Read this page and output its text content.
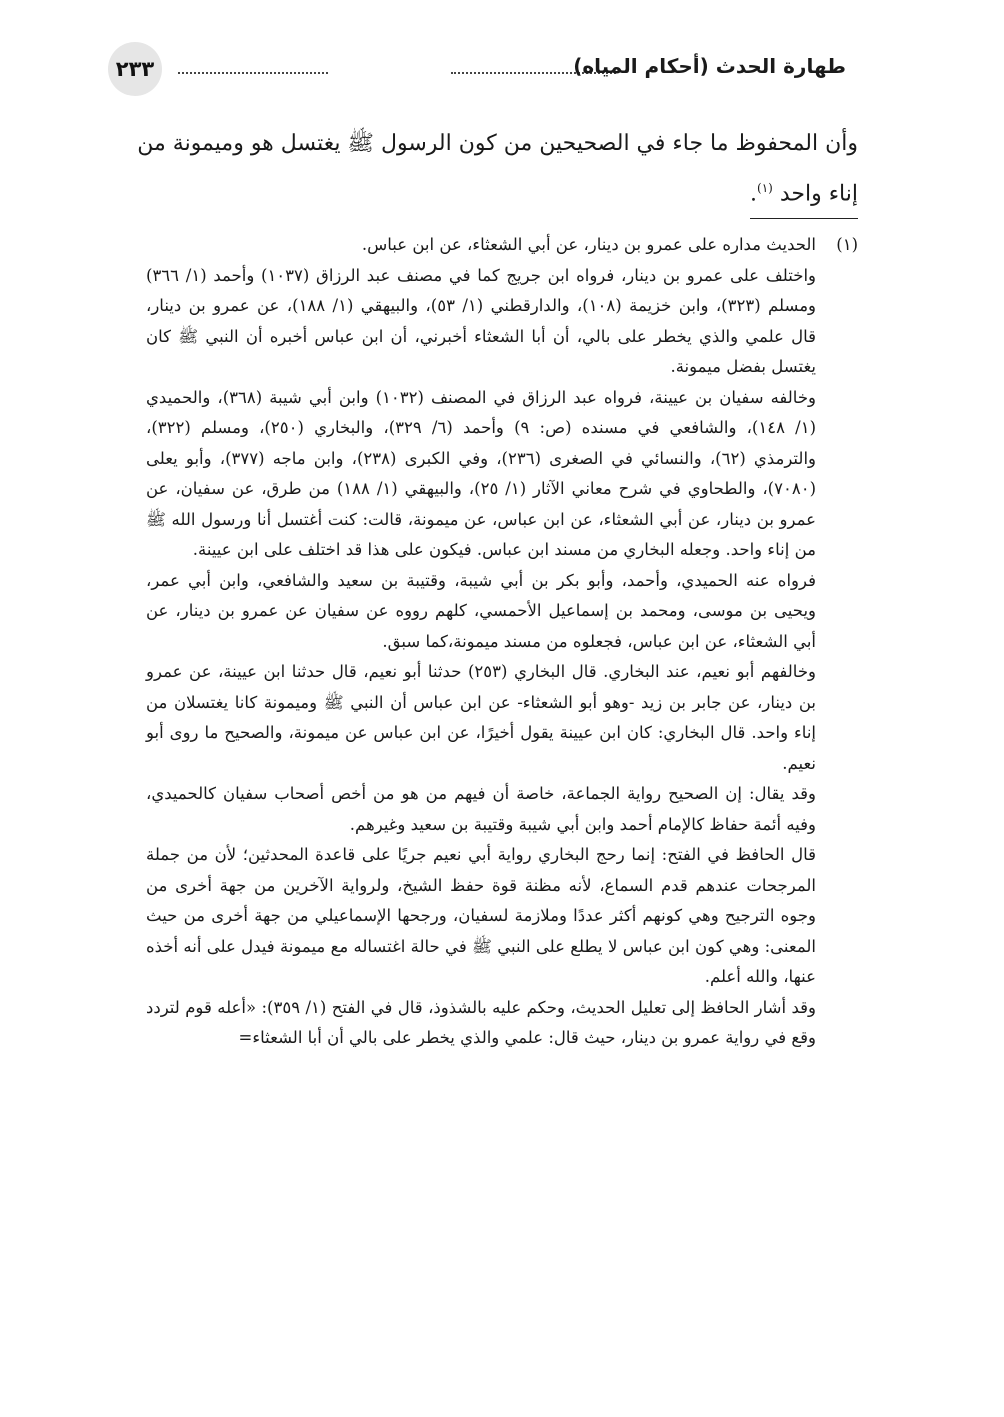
٢٣٣	طهارة الحدث (أحكام المياه)
وأن المحفوظ ما جاء في الصحيحين من كون الرسول ﷺ يغتسل هو وميمونة من
إناء واحد $^{(١)}$.
(١)

الحديث مداره على عمرو بن دينار، عن أبي الشعثاء، عن ابن عباس.

واختلف على عمرو بن دينار، فرواه ابن جريج كما في مصنف عبد الرزاق (١٠٣٧) وأحمد (١/ ٣٦٦) ومسلم (٣٢٣)، وابن خزيمة (١٠٨)، والدارقطني (١/ ٥٣)، والبيهقي (١/ ١٨٨)، عن عمرو بن دينار، قال علمي والذي يخطر على بالي، أن أبا الشعثاء أخبرني، أن ابن عباس أخبره أن النبي ﷺ كان يغتسل بفضل ميمونة.

وخالفه سفيان بن عيينة، فرواه عبد الرزاق في المصنف (١٠٣٢) وابن أبي شيبة (٣٦٨)، والحميدي (١/ ١٤٨)، والشافعي في مسنده (ص: ٩) وأحمد (٦/ ٣٢٩)، والبخاري (٢٥٠)، ومسلم (٣٢٢)، والترمذي (٦٢)، والنسائي في الصغرى (٢٣٦)، وفي الكبرى (٢٣٨)، وابن ماجه (٣٧٧)، وأبو يعلى (٧٠٨٠)، والطحاوي في شرح معاني الآثار (١/ ٢٥)، والبيهقي (١/ ١٨٨) من طرق، عن سفيان، عن عمرو بن دينار، عن أبي الشعثاء، عن ابن عباس، عن ميمونة، قالت: كنت أغتسل أنا ورسول الله ﷺ من إناء واحد. وجعله البخاري من مسند ابن عباس. فيكون على هذا قد اختلف على ابن عيينة.

فرواه عنه الحميدي، وأحمد، وأبو بكر بن أبي شيبة، وقتيبة بن سعيد والشافعي، وابن أبي عمر، ويحيى بن موسى، ومحمد بن إسماعيل الأحمسي، كلهم رووه عن سفيان عن عمرو بن دينار، عن أبي الشعثاء، عن ابن عباس، فجعلوه من مسند ميمونة،كما سبق.

وخالفهم أبو نعيم، عند البخاري. قال البخاري (٢٥٣) حدثنا أبو نعيم، قال حدثنا ابن عيينة، عن عمرو بن دينار، عن جابر بن زيد -وهو أبو الشعثاء- عن ابن عباس أن النبي ﷺ وميمونة كانا يغتسلان من إناء واحد. قال البخاري: كان ابن عيينة يقول أخيرًا، عن ابن عباس عن ميمونة، والصحيح ما روى أبو نعيم.

وقد يقال: إن الصحيح رواية الجماعة، خاصة أن فيهم من هو من أخص أصحاب سفيان كالحميدي، وفيه أئمة حفاظ كالإمام أحمد وابن أبي شيبة وقتيبة بن سعيد وغيرهم.

قال الحافظ في الفتح: إنما رحج البخاري رواية أبي نعيم جريًا على قاعدة المحدثين؛ لأن من جملة المرجحات عندهم قدم السماع، لأنه مظنة قوة حفظ الشيخ، ولرواية الآخرين من جهة أخرى من وجوه الترجيح وهي كونهم أكثر عددًا وملازمة لسفيان، ورجحها الإسماعيلي من جهة أخرى من حيث المعنى: وهي كون ابن عباس لا يطلع على النبي ﷺ في حالة اغتساله مع ميمونة فيدل على أنه أخذه عنها، والله أعلم.

وقد أشار الحافظ إلى تعليل الحديث، وحكم عليه بالشذوذ، قال في الفتح (١/ ٣٥٩): «أعله قوم لتردد وقع في رواية عمرو بن دينار، حيث قال: علمي والذي يخطر على بالي أن أبا الشعثاء=
